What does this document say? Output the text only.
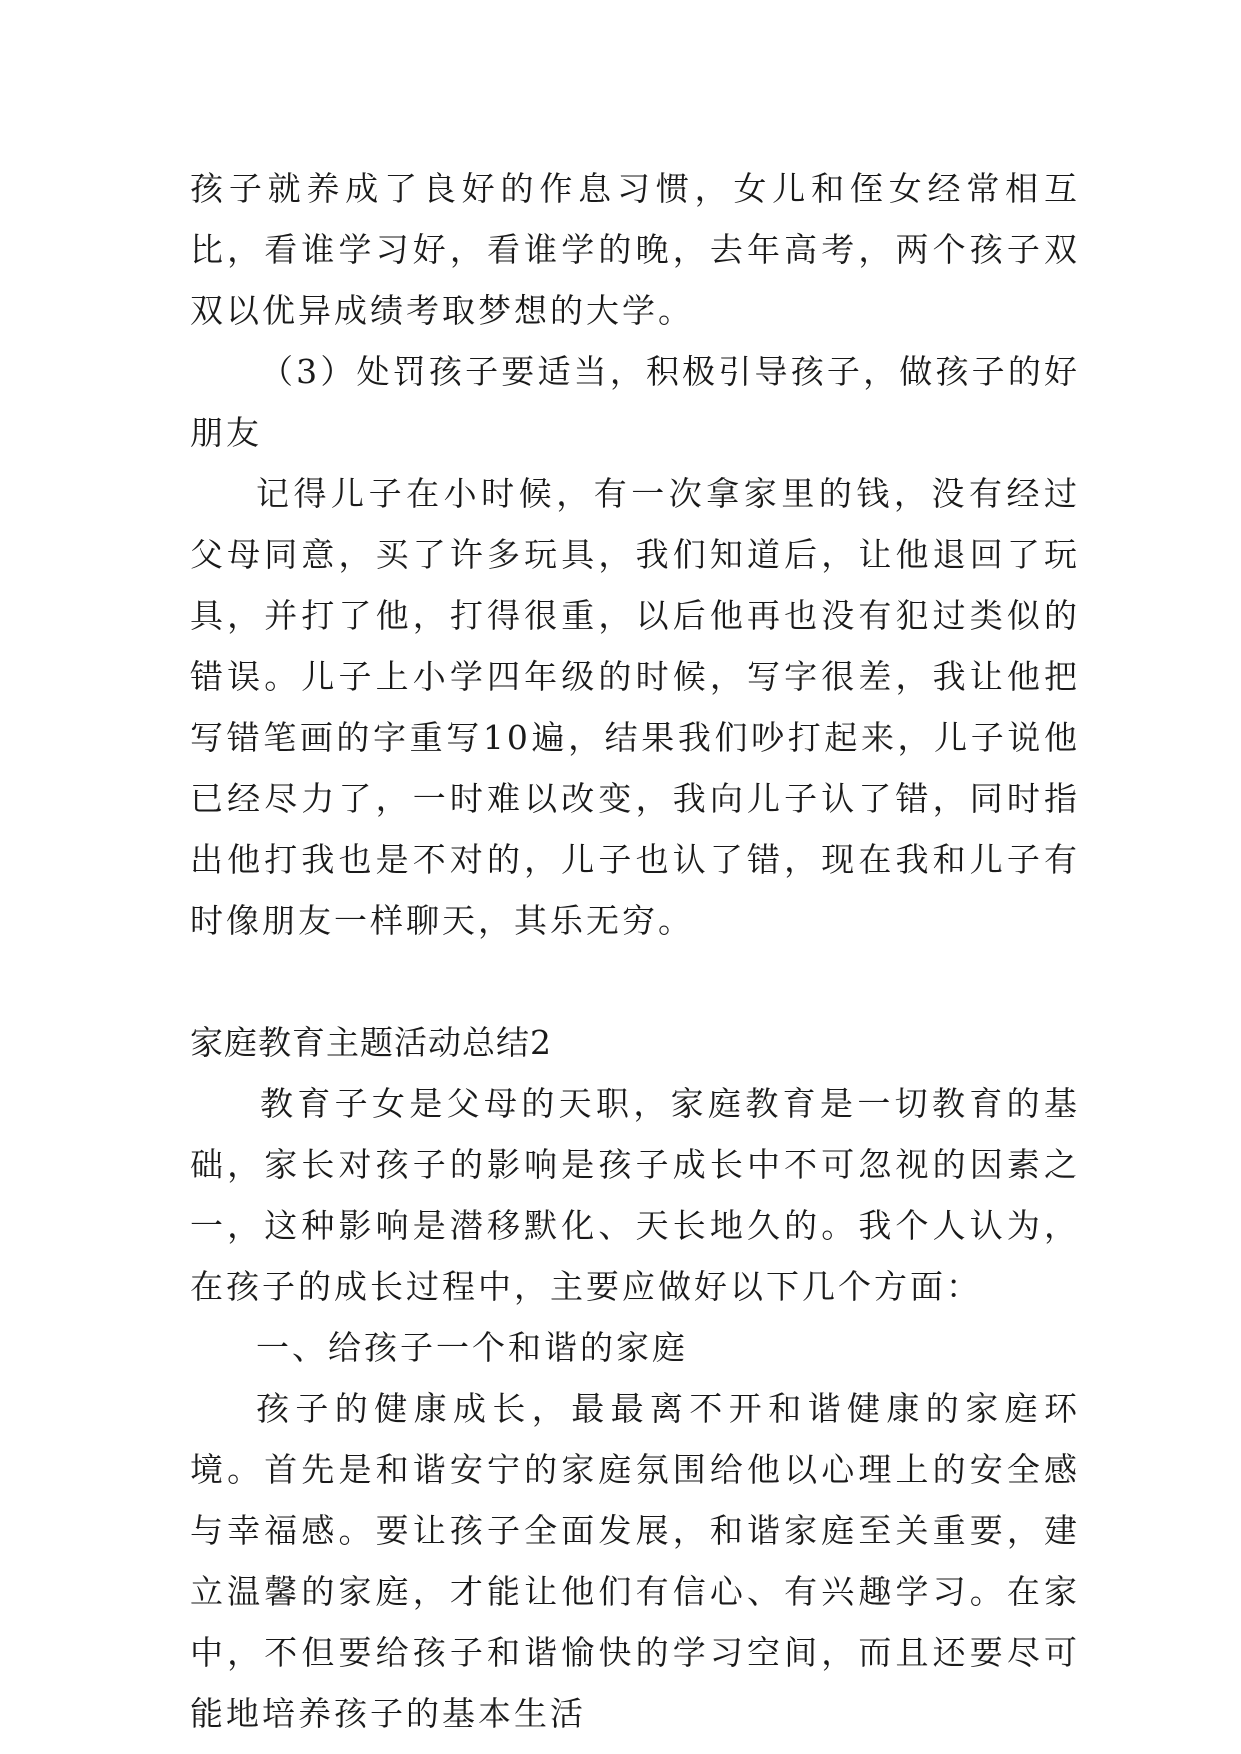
孩子就养成了良好的作息习惯，女儿和侄女经常相互比，看谁学习好，看谁学的晚，去年高考，两个孩子双双以优异成绩考取梦想的大学。

（3）处罚孩子要适当，积极引导孩子，做孩子的好朋友

记得儿子在小时候，有一次拿家里的钱，没有经过父母同意，买了许多玩具，我们知道后，让他退回了玩具，并打了他，打得很重，以后他再也没有犯过类似的错误。儿子上小学四年级的时候，写字很差，我让他把写错笔画的字重写10遍，结果我们吵打起来，儿子说他已经尽力了，一时难以改变，我向儿子认了错，同时指出他打我也是不对的，儿子也认了错，现在我和儿子有时像朋友一样聊天，其乐无穷。

家庭教育主题活动总结2

教育子女是父母的天职，家庭教育是一切教育的基础，家长对孩子的影响是孩子成长中不可忽视的因素之一，这种影响是潜移默化、天长地久的。我个人认为，在孩子的成长过程中，主要应做好以下几个方面：

一、给孩子一个和谐的家庭

孩子的健康成长，最最离不开和谐健康的家庭环境。首先是和谐安宁的家庭氛围给他以心理上的安全感与幸福感。要让孩子全面发展，和谐家庭至关重要，建立温馨的家庭，才能让他们有信心、有兴趣学习。在家中，不但要给孩子和谐愉快的学习空间，而且还要尽可能地培养孩子的基本生活
